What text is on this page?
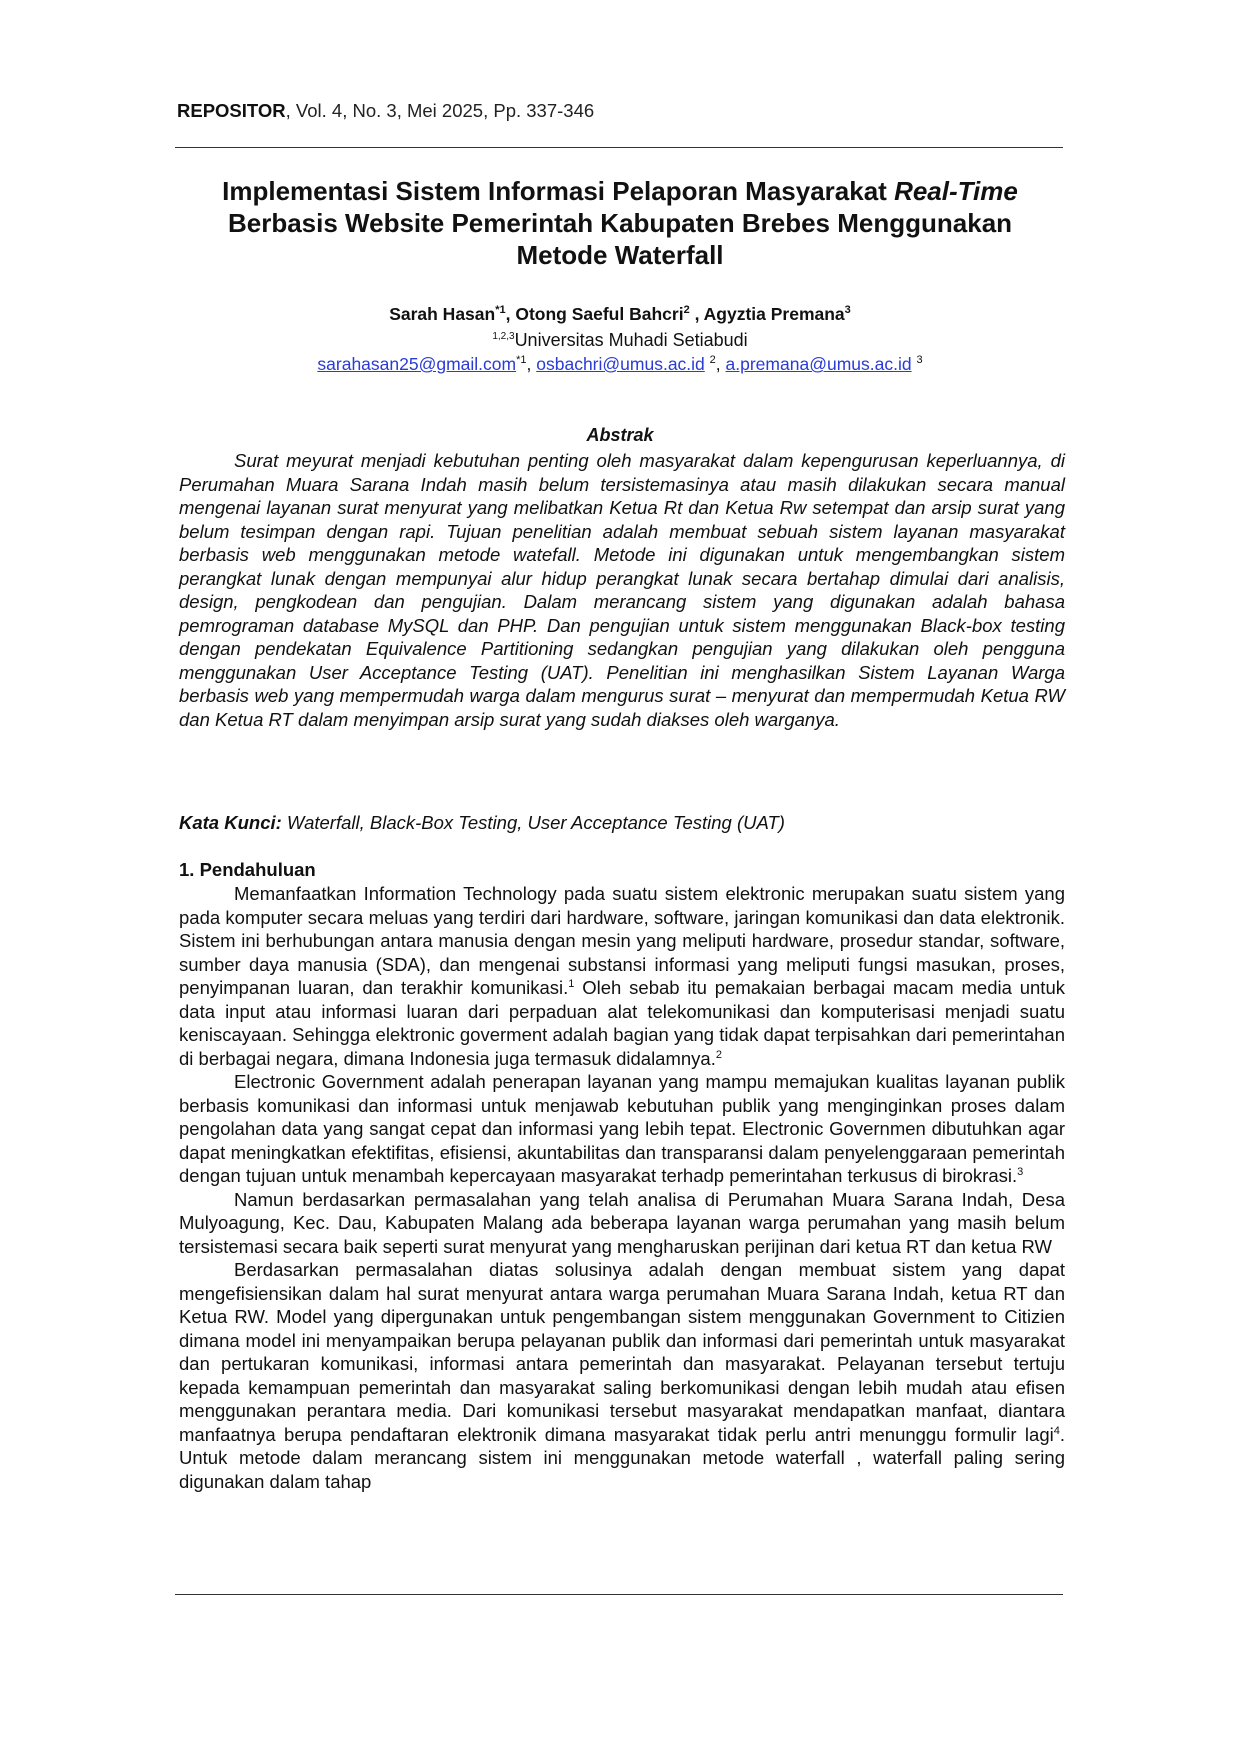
REPOSITOR, Vol. 4, No. 3, Mei 2025, Pp. 337-346
Implementasi Sistem Informasi Pelaporan Masyarakat Real-Time
Berbasis Website Pemerintah Kabupaten Brebes Menggunakan
Metode Waterfall
Sarah Hasan$^{*1}$, Otong Saeful Bahcri$^2$ , Agyztia Premana$^3$
$^{1,2,3}$Universitas Muhadi Setiabudi
sarahasan25@gmail.com$^{*1}$, osbachri@umus.ac.id $^2$, a.premana@umus.ac.id $^3$
Abstrak

Surat meyurat menjadi kebutuhan penting oleh masyarakat dalam kepengurusan keperluannya, di Perumahan Muara Sarana Indah masih belum tersistemasinya atau masih dilakukan secara manual mengenai layanan surat menyurat yang melibatkan Ketua Rt dan Ketua Rw setempat dan arsip surat yang belum tesimpan dengan rapi. Tujuan penelitian adalah membuat sebuah sistem layanan masyarakat berbasis web menggunakan metode watefall. Metode ini digunakan untuk mengembangkan sistem perangkat lunak dengan mempunyai alur hidup perangkat lunak secara bertahap dimulai dari analisis, design, pengkodean dan pengujian. Dalam merancang sistem yang digunakan adalah bahasa pemrograman database MySQL dan PHP. Dan pengujian untuk sistem menggunakan Black-box testing dengan pendekatan Equivalence Partitioning sedangkan pengujian yang dilakukan oleh pengguna menggunakan User Acceptance Testing (UAT). Penelitian ini menghasilkan Sistem Layanan Warga berbasis web yang mempermudah warga dalam mengurus surat – menyurat dan mempermudah Ketua RW dan Ketua RT dalam menyimpan arsip surat yang sudah diakses oleh warganya.

Kata Kunci: Waterfall, Black-Box Testing, User Acceptance Testing (UAT)
1. Pendahuluan

Memanfaatkan Information Technology pada suatu sistem elektronic merupakan suatu sistem yang pada komputer secara meluas yang terdiri dari hardware, software, jaringan komunikasi dan data elektronik. Sistem ini berhubungan antara manusia dengan mesin yang meliputi hardware, prosedur standar, software, sumber daya manusia (SDA), dan mengenai substansi informasi yang meliputi fungsi masukan, proses, penyimpanan luaran, dan terakhir komunikasi.$^1$ Oleh sebab itu pemakaian berbagai macam media untuk data input atau informasi luaran dari perpaduan alat telekomunikasi dan komputerisasi menjadi suatu keniscayaan. Sehingga elektronic goverment adalah bagian yang tidak dapat terpisahkan dari pemerintahan di berbagai negara, dimana Indonesia juga termasuk didalamnya.$^2$

Electronic Government adalah penerapan layanan yang mampu memajukan kualitas layanan publik berbasis komunikasi dan informasi untuk menjawab kebutuhan publik yang menginginkan proses dalam pengolahan data yang sangat cepat dan informasi yang lebih tepat. Electronic Governmen dibutuhkan agar dapat meningkatkan efektifitas, efisiensi, akuntabilitas dan transparansi dalam penyelenggaraan pemerintah dengan tujuan untuk menambah kepercayaan masyarakat terhadp pemerintahan terkusus di birokrasi.$^3$

Namun berdasarkan permasalahan yang telah analisa di Perumahan Muara Sarana Indah, Desa Mulyoagung, Kec. Dau, Kabupaten Malang ada beberapa layanan warga perumahan yang masih belum tersistemasi secara baik seperti surat menyurat yang mengharuskan perijinan dari ketua RT dan ketua RW

Berdasarkan permasalahan diatas solusinya adalah dengan membuat sistem yang dapat mengefisiensikan dalam hal surat menyurat antara warga perumahan Muara Sarana Indah, ketua RT dan Ketua RW. Model yang dipergunakan untuk pengembangan sistem menggunakan Government to Citizien dimana model ini menyampaikan berupa pelayanan publik dan informasi dari pemerintah untuk masyarakat dan pertukaran komunikasi, informasi antara pemerintah dan masyarakat. Pelayanan tersebut tertuju kepada kemampuan pemerintah dan masyarakat saling berkomunikasi dengan lebih mudah atau efisen menggunakan perantara media. Dari komunikasi tersebut masyarakat mendapatkan manfaat, diantara manfaatnya berupa pendaftaran elektronik dimana masyarakat tidak perlu antri menunggu formulir lagi$^4$. Untuk metode dalam merancang sistem ini menggunakan metode waterfall , waterfall paling sering digunakan dalam tahap
